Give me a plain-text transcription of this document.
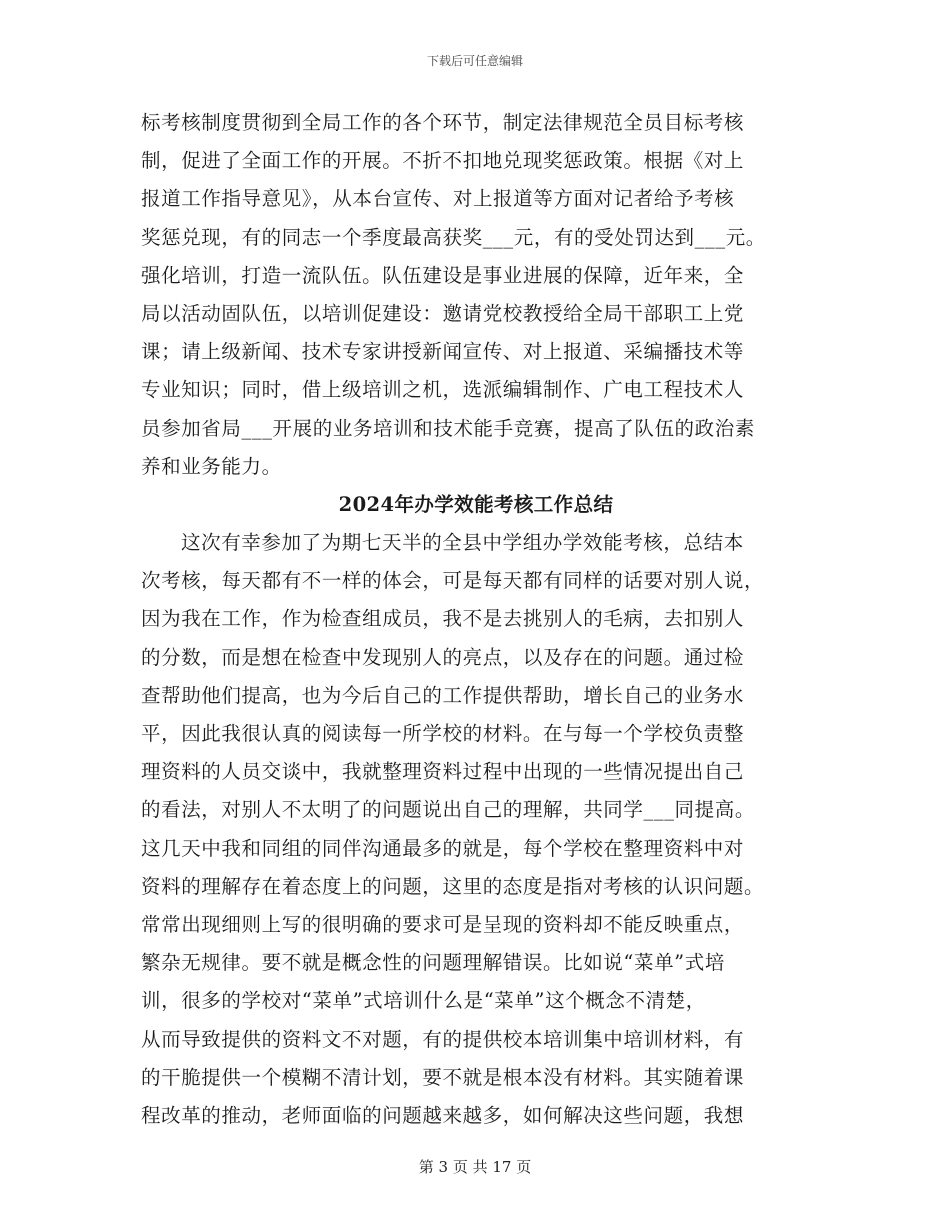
下载后可任意编辑
标考核制度贯彻到全局工作的各个环节，制定法律规范全员目标考核
制，促进了全面工作的开展。不折不扣地兑现奖惩政策。根据《对上
报道工作指导意见》，从本台宣传、对上报道等方面对记者给予考核
奖惩兑现，有的同志一个季度最高获奖___元，有的受处罚达到___元。
强化培训，打造一流队伍。队伍建设是事业进展的保障，近年来，全
局以活动固队伍，以培训促建设：邀请党校教授给全局干部职工上党
课；请上级新闻、技术专家讲授新闻宣传、对上报道、采编播技术等
专业知识；同时，借上级培训之机，选派编辑制作、广电工程技术人
员参加省局___开展的业务培训和技术能手竞赛，提高了队伍的政治素
养和业务能力。
2024年办学效能考核工作总结
这次有幸参加了为期七天半的全县中学组办学效能考核，总结本
次考核，每天都有不一样的体会，可是每天都有同样的话要对别人说，
因为我在工作，作为检查组成员，我不是去挑别人的毛病，去扣别人
的分数，而是想在检查中发现别人的亮点，以及存在的问题。通过检
查帮助他们提高，也为今后自己的工作提供帮助，增长自己的业务水
平，因此我很认真的阅读每一所学校的材料。在与每一个学校负责整
理资料的人员交谈中，我就整理资料过程中出现的一些情况提出自己
的看法，对别人不太明了的问题说出自己的理解，共同学___同提高。
这几天中我和同组的同伴沟通最多的就是，每个学校在整理资料中对
资料的理解存在着态度上的问题，这里的态度是指对考核的认识问题。
常常出现细则上写的很明确的要求可是呈现的资料却不能反映重点，
繁杂无规律。要不就是概念性的问题理解错误。比如说“菜单”式培
训，很多的学校对“菜单”式培训什么是“菜单”这个概念不清楚，
从而导致提供的资料文不对题，有的提供校本培训集中培训材料，有
的干脆提供一个模糊不清计划，要不就是根本没有材料。其实随着课
程改革的推动，老师面临的问题越来越多，如何解决这些问题，我想
第 3 页 共 17 页
